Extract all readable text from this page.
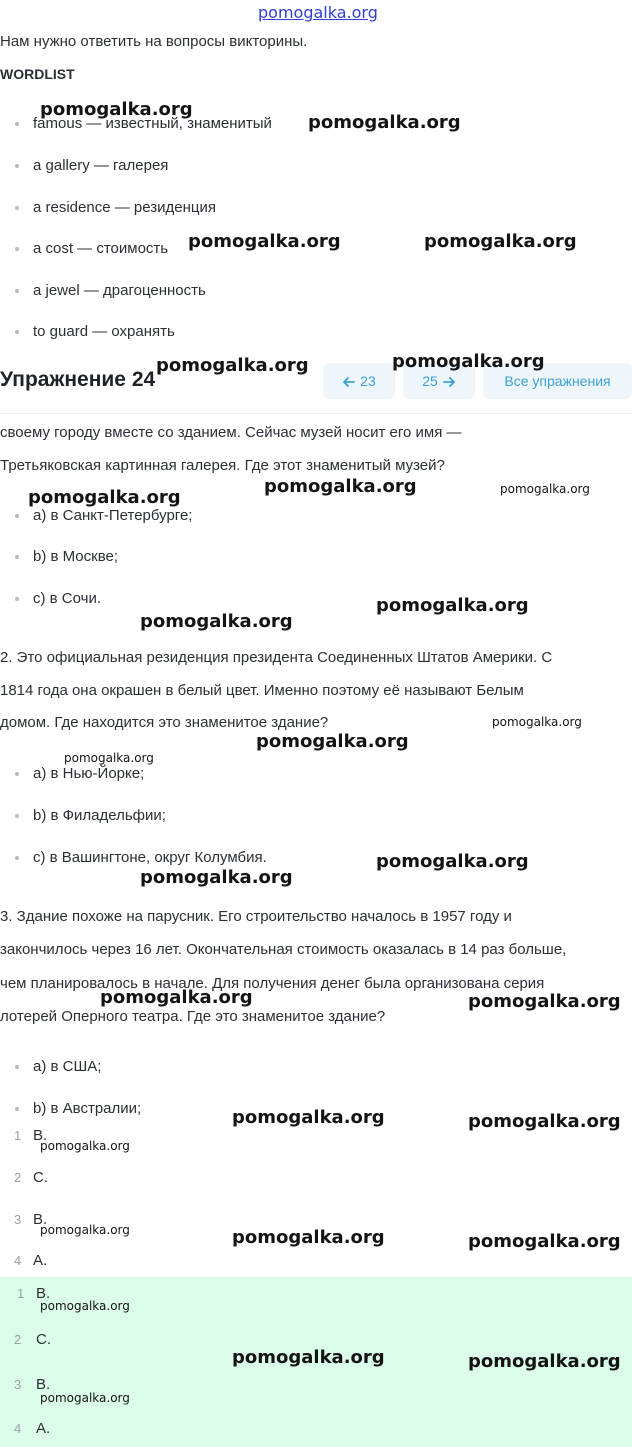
pomogalka.org
Нам нужно ответить на вопросы викторины.
WORDLIST
famous — известный, знаменитый
a gallery — галерея
a residence — резиденция
a cost — стоимость
a jewel — драгоценность
to guard — охранять
Упражнение 24	23	25	Все упражнения
своему городу вместе со зданием. Сейчас музей носит его имя —
Третьяковская картинная галерея. Где этот знаменитый музей?
a) в Санкт-Петербурге;
b) в Москве;
c) в Сочи.
2. Это официальная резиденция президента Соединенных Штатов Америки. С
1814 года она окрашен в белый цвет. Именно поэтому её называют Белым
домом. Где находится это знаменитое здание?
a) в Нью-Йорке;
b) в Филадельфии;
c) в Вашингтоне, округ Колумбия.
3. Здание похоже на парусник. Его строительство началось в 1957 году и
закончилось через 16 лет. Окончательная стоимость оказалась в 14 раз больше,
чем планировалось в начале. Для получения денег была организована серия
лотерей Оперного театра. Где это знаменитое здание?
a) в США;
b) в Австралии;
1 B.
2 C.
3 B.
4 A.
1 B.
2 C.
3 B.
4 A.
pomogalka.org
pomogalka.org
pomogalka.org	pomogalka.org
pomogalka.org	pomogalka.org
pomogalka.org
pomogalka.org	pomogalka.org
pomogalka.org
pomogalka.org
pomogalka.org
pomogalka.org
pomogalka.org
pomogalka.org
pomogalka.org
pomogalka.org	pomogalka.org
pomogalka.org	pomogalka.org
pomogalka.org
pomogalka.org	pomogalka.org	pomogalka.org
pomogalka.org
pomogalka.org	pomogalka.org
pomogalka.org
